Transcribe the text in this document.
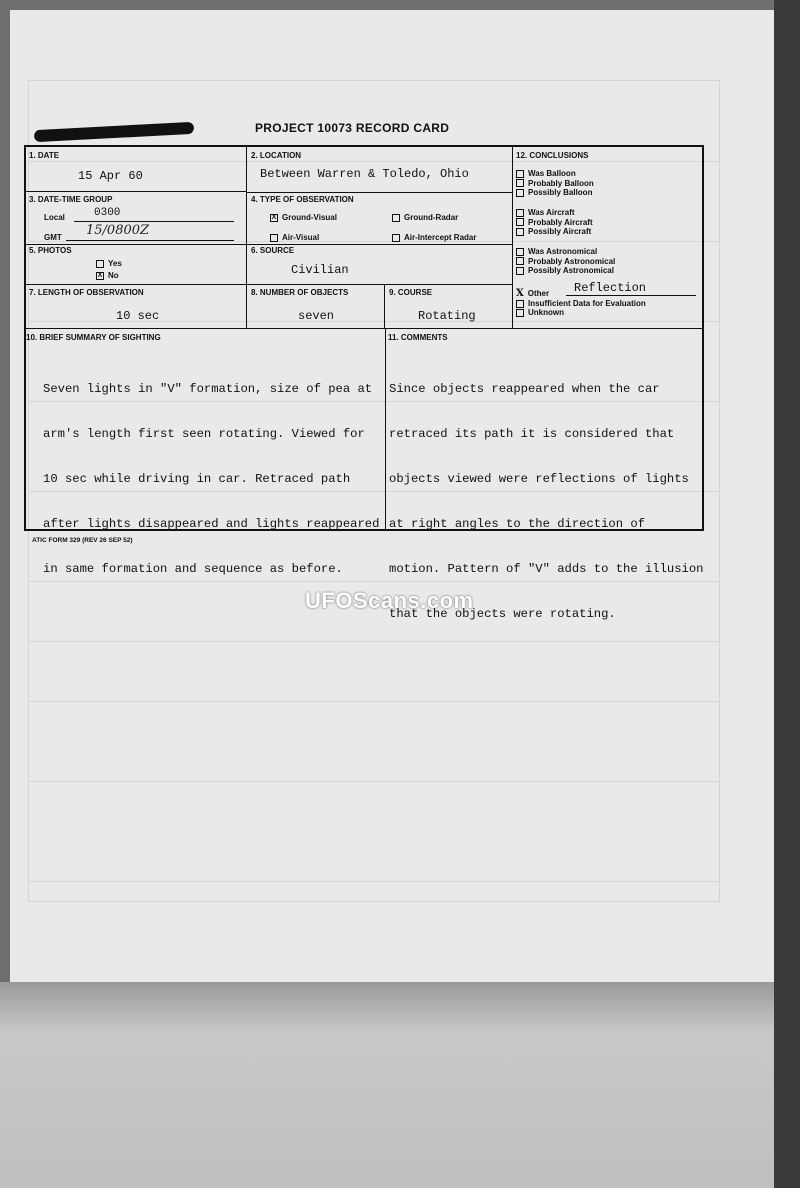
PROJECT 10073 RECORD CARD
1. DATE
15 Apr 60
2. LOCATION
Between Warren & Toledo, Ohio
3. DATE-TIME GROUP
Local	0300
GMT 15/0800Z
4. TYPE OF OBSERVATION
X Ground-Visual	Ground-Radar
Air-Visual	Air-Intercept Radar
5. PHOTOS
Yes
X No
6. SOURCE
Civilian
7. LENGTH OF OBSERVATION
10 sec
8. NUMBER OF OBJECTS
seven
9. COURSE
Rotating
12. CONCLUSIONS
Was Balloon
Probably Balloon
Possibly Balloon
Was Aircraft
Probably Aircraft
Possibly Aircraft
Was Astronomical
Probably Astronomical
Possibly Astronomical
X Other Reflection
Insufficient Data for Evaluation
Unknown
10. BRIEF SUMMARY OF SIGHTING

Seven lights in "V" formation, size of pea at

arm's length first seen rotating. Viewed for

10 sec while driving in car. Retraced path

after lights disappeared and lights reappeared

in same formation and sequence as before.

11. COMMENTS

Since objects reappeared when the car

retraced its path it is considered that

objects viewed were reflections of lights

at right angles to the direction of

motion. Pattern of "V" adds to the illusion

that the objects were rotating.

ATIC FORM 329 (REV 26 SEP 52)
UFOScans.com
